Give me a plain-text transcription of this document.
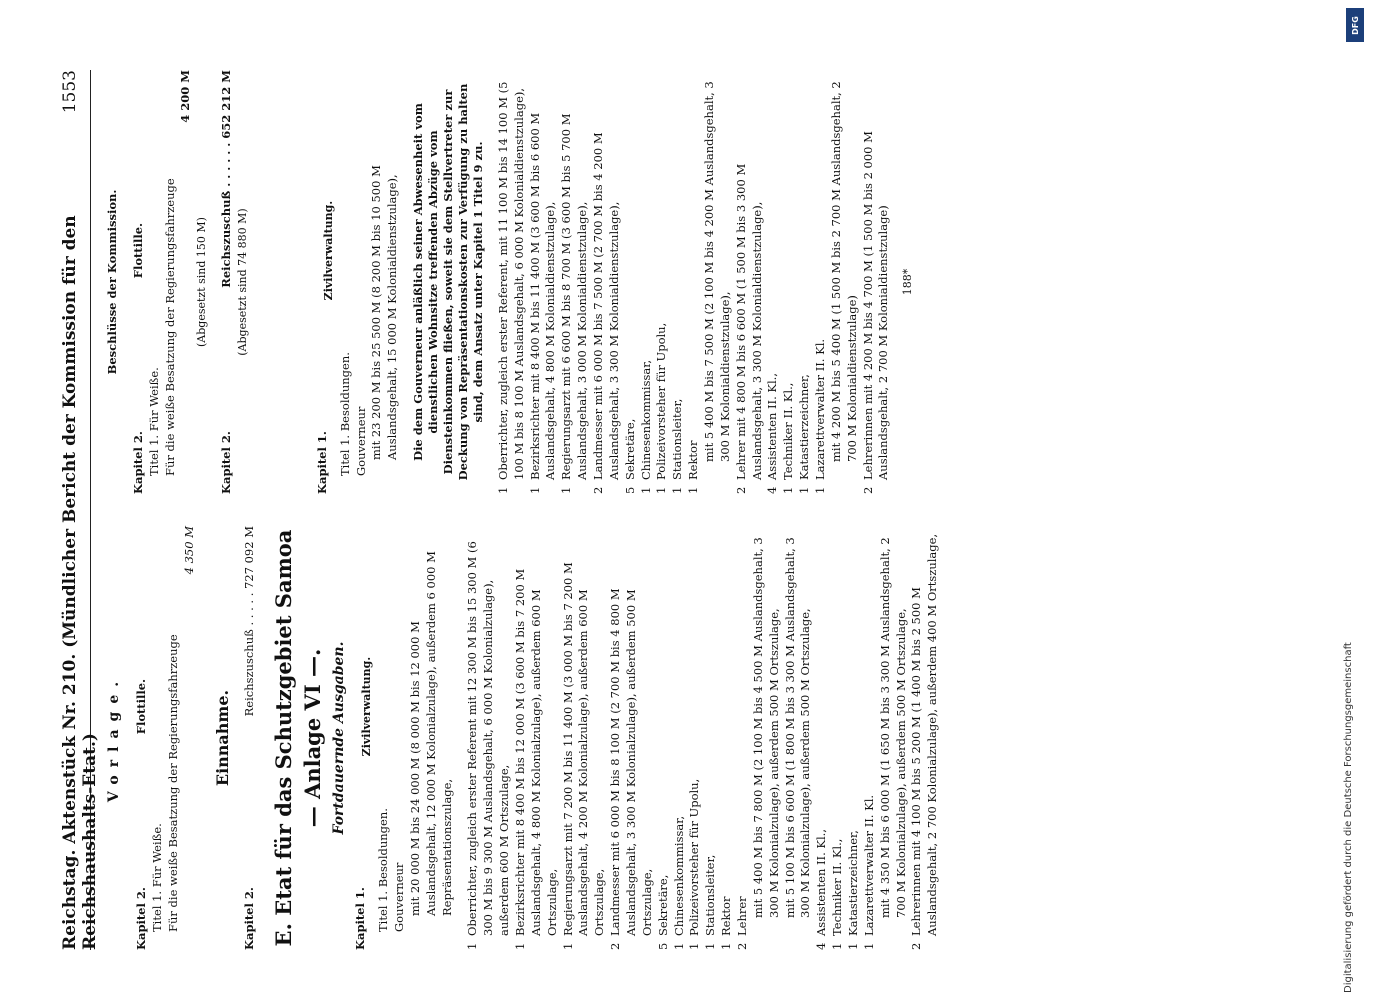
Reichstag. Aktenstück Nr. 210. (Mündlicher Bericht der Kommission für den Reichshaushalts-Etat.)
1553
Vorlage.
Kapitel 2.
Flottille.
Titel 1. Für Weiße. Für die weiße Besatzung der Regierungsfahrzeuge
4 350 M
Einnahme.
Kapitel 2.
Reichszuschuß . . . . . 727 092 M E. Etat für das Schutzgebiet Samoa — Anlage VI —. Fortdauernde Ausgaben.
Kapitel 1.
Zivilverwaltung.
Titel 1. Besoldungen. Gouverneur mit 20 000 M bis 24 000 M (8 000 M bis 12 000 M Auslandsgehalt, 12 000 M Kolonialzulage), außerdem 6 000 M Repräsentationszulage,
1
Oberrichter, zugleich erster Referent mit 12 300 M bis 15 300 M (6 300 M bis 9 300 M Auslandsgehalt, 6 000 M Kolonialzulage), außerdem 600 M Ortszulage,
1
Bezirksrichter mit 8 400 M bis 12 000 M (3 600 M bis 7 200 M Auslandsgehalt, 4 800 M Kolonialzulage), außerdem 600 M Ortszulage,
1
Regierungsarzt mit 7 200 M bis 11 400 M (3 000 M bis 7 200 M Auslandsgehalt, 4 200 M Kolonialzulage), außerdem 600 M Ortszulage,
2
Landmesser mit 6 000 M bis 8 100 M (2 700 M bis 4 800 M Auslandsgehalt, 3 300 M Kolonialzulage), außerdem 500 M Ortszulage,
5
Sekretäre,
1
Chinesenkommissar,
1
Polizeivorsteher für Upolu,
1
Stationsleiter,
1
Rektor
2
Lehrer mit 5 400 M bis 7 800 M (2 100 M bis 4 500 M Auslandsgehalt, 3 300 M Kolonialzulage), außerdem 500 M Ortszulage, mit 5 100 M bis 6 600 M (1 800 M bis 3 300 M Auslandsgehalt, 3 300 M Kolonialzulage), außerdem 500 M Ortszulage,
4
Assistenten II. Kl.,
1
Techniker II. Kl.,
1
Katastierzeichner,
1
Lazarettverwalter II. Kl. mit 4 350 M bis 6 000 M (1 650 M bis 3 300 M Auslandsgehalt, 2 700 M Kolonialzulage), außerdem 500 M Ortszulage,
2
Lehrerinnen mit 4 100 M bis 5 200 M (1 400 M bis 2 500 M Auslandsgehalt, 2 700 Kolonialzulage), außerdem 400 M Ortszulage,
Beschlüsse der Kommission.
Kapitel 2.
Flottille.
Titel 1. Für Weiße. Für die weiße Besatzung der Regierungsfahrzeuge
4 200 M
(Abgesetzt sind 150 M)
Kapitel 2.
Reichszuschuß . . . . . . 652 212 M (Abgesetzt sind 74 880 M)
Kapitel 1.
Zivilverwaltung.
Titel 1. Besoldungen. Gouverneur mit 23 200 M bis 25 500 M (8 200 M bis 10 500 M Auslandsgehalt, 15 000 M Kolonialdienstzulage), Die dem Gouverneur anläßlich seiner Abwesenheit vom dienstlichen Wohnsitze treffenden Abzüge vom Diensteinkommen fließen, soweit sie dem Stellvertreter zur Deckung von Repräsentationskosten zur Verfügung zu halten sind, dem Ansatz unter Kapitel 1 Titel 9 zu.
1
Oberrichter, zugleich erster Referent, mit 11 100 M bis 14 100 M (5 100 M bis 8 100 M Auslandsgehalt, 6 000 M Kolonialdienstzulage),
1
Bezirksrichter mit 8 400 M bis 11 400 M (3 600 M bis 6 600 M Auslandsgehalt, 4 800 M Kolonialdienstzulage),
1
Regierungsarzt mit 6 600 M bis 8 700 M (3 600 M bis 5 700 M Auslandsgehalt, 3 000 M Kolonialdienstzulage),
2
Landmesser mit 6 000 M bis 7 500 M (2 700 M bis 4 200 M Auslandsgehalt, 3 300 M Kolonialdienstzulage),
5
Sekretäre,
1
Chinesenkommissar,
1
Polizeivorsteher für Upolu,
1
Stationsleiter,
1
Rektor mit 5 400 M bis 7 500 M (2 100 M bis 4 200 M Auslandsgehalt, 3 300 M Kolonialdienstzulage),
2
Lehrer mit 4 800 M bis 6 600 M (1 500 M bis 3 300 M Auslandsgehalt, 3 300 M Kolonialdienstzulage),
4
Assistenten II. Kl.,
1
Techniker II. Kl.,
1
Katastierzeichner,
1
Lazarettverwalter II. Kl. mit 4 200 M bis 5 400 M (1 500 M bis 2 700 M Auslandsgehalt, 2 700 M Kolonialdienstzulage)
2
Lehrerinnen mit 4 200 M bis 4 700 M (1 500 M bis 2 000 M Auslandsgehalt, 2 700 M Kolonialdienstzulage) 188*
DFG
Digitalisierung gefördert durch die Deutsche Forschungsgemeinschaft
